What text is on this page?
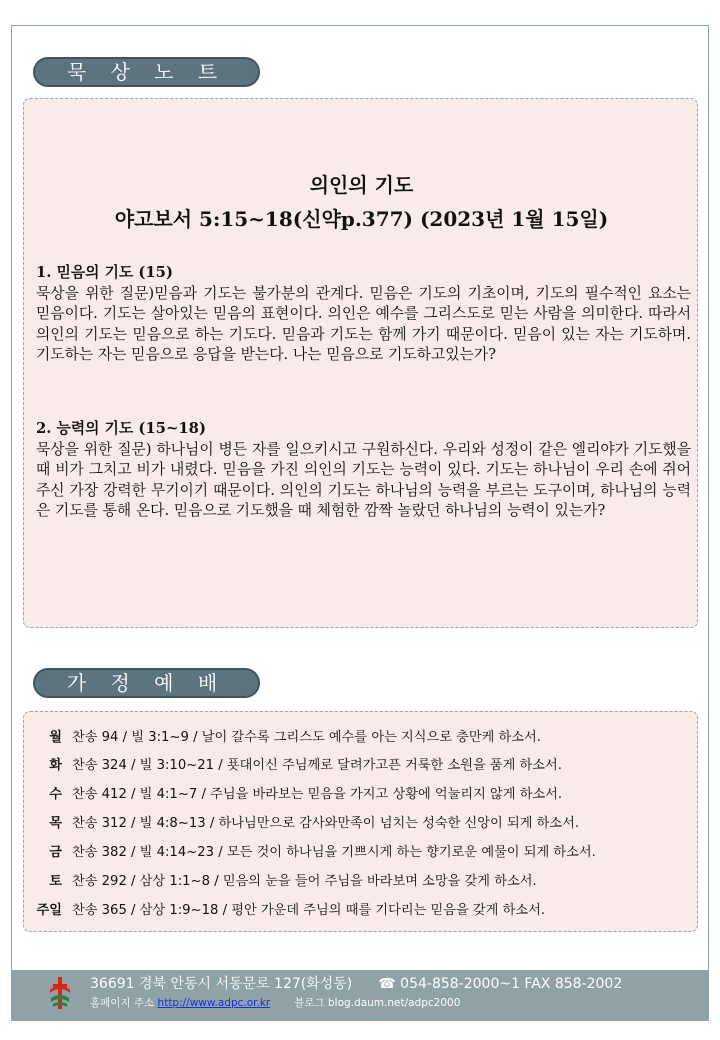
묵 상 노 트
의인의 기도
야고보서 5:15~18(신약p.377) (2023년 1월 15일)
1. 믿음의 기도 (15)
묵상을 위한 질문)믿음과 기도는 불가분의 관계다. 믿음은 기도의 기초이며, 기도의 필수적인 요소는 믿음이다. 기도는 살아있는 믿음의 표현이다. 의인은 예수를 그리스도로 믿는 사람을 의미한다. 따라서 의인의 기도는 믿음으로 하는 기도다. 믿음과 기도는 함께 가기 때문이다. 믿음이 있는 자는 기도하며. 기도하는 자는 믿음으로 응답을 받는다. 나는 믿음으로 기도하고있는가?
2. 능력의 기도 (15~18)
묵상을 위한 질문) 하나님이 병든 자를 일으키시고 구원하신다. 우리와 성정이 같은 엘리야가 기도했을 때 비가 그치고 비가 내렸다. 믿음을 가진 의인의 기도는 능력이 있다. 기도는 하나님이 우리 손에 쥐어 주신 가장 강력한 무기이기 때문이다. 의인의 기도는 하나님의 능력을 부르는 도구이며, 하나님의 능력은 기도를 통해 온다. 믿음으로 기도했을 때 체험한 깜짝 놀랐던 하나님의 능력이 있는가?
가 정 예 배
월 찬송 94 / 빌 3:1~9 / 날이 갈수록 그리스도 예수를 아는 지식으로 충만케 하소서.
화 찬송 324 / 빌 3:10~21 / 푯대이신 주님께로 달려가고픈 거룩한 소원을 품게 하소서.
수 찬송 412 / 빌 4:1~7 / 주님을 바라보는 믿음을 가지고 상황에 억눌리지 않게 하소서.
목 찬송 312 / 빌 4:8~13 / 하나님만으로 감사와만족이 넘치는 성숙한 신앙이 되게 하소서.
금 찬송 382 / 빌 4:14~23 / 모든 것이 하나님을 기쁘시게 하는 향기로운 예물이 되게 하소서.
토 찬송 292 / 삼상 1:1~8 / 믿음의 눈을 들어 주님을 바라보며 소망을 갖게 하소서.
주일 찬송 365 / 삼상 1:9~18 / 평안 가운데 주님의 때를 기다리는 믿음을 갖게 하소서.
36691 경북 안동시 서동문로 127(화성동) ☎ 054-858-2000~1 FAX 858-2002
홈페이지 주소 http://www.adpc.or.kr 블로그 blog.daum.net/adpc2000
